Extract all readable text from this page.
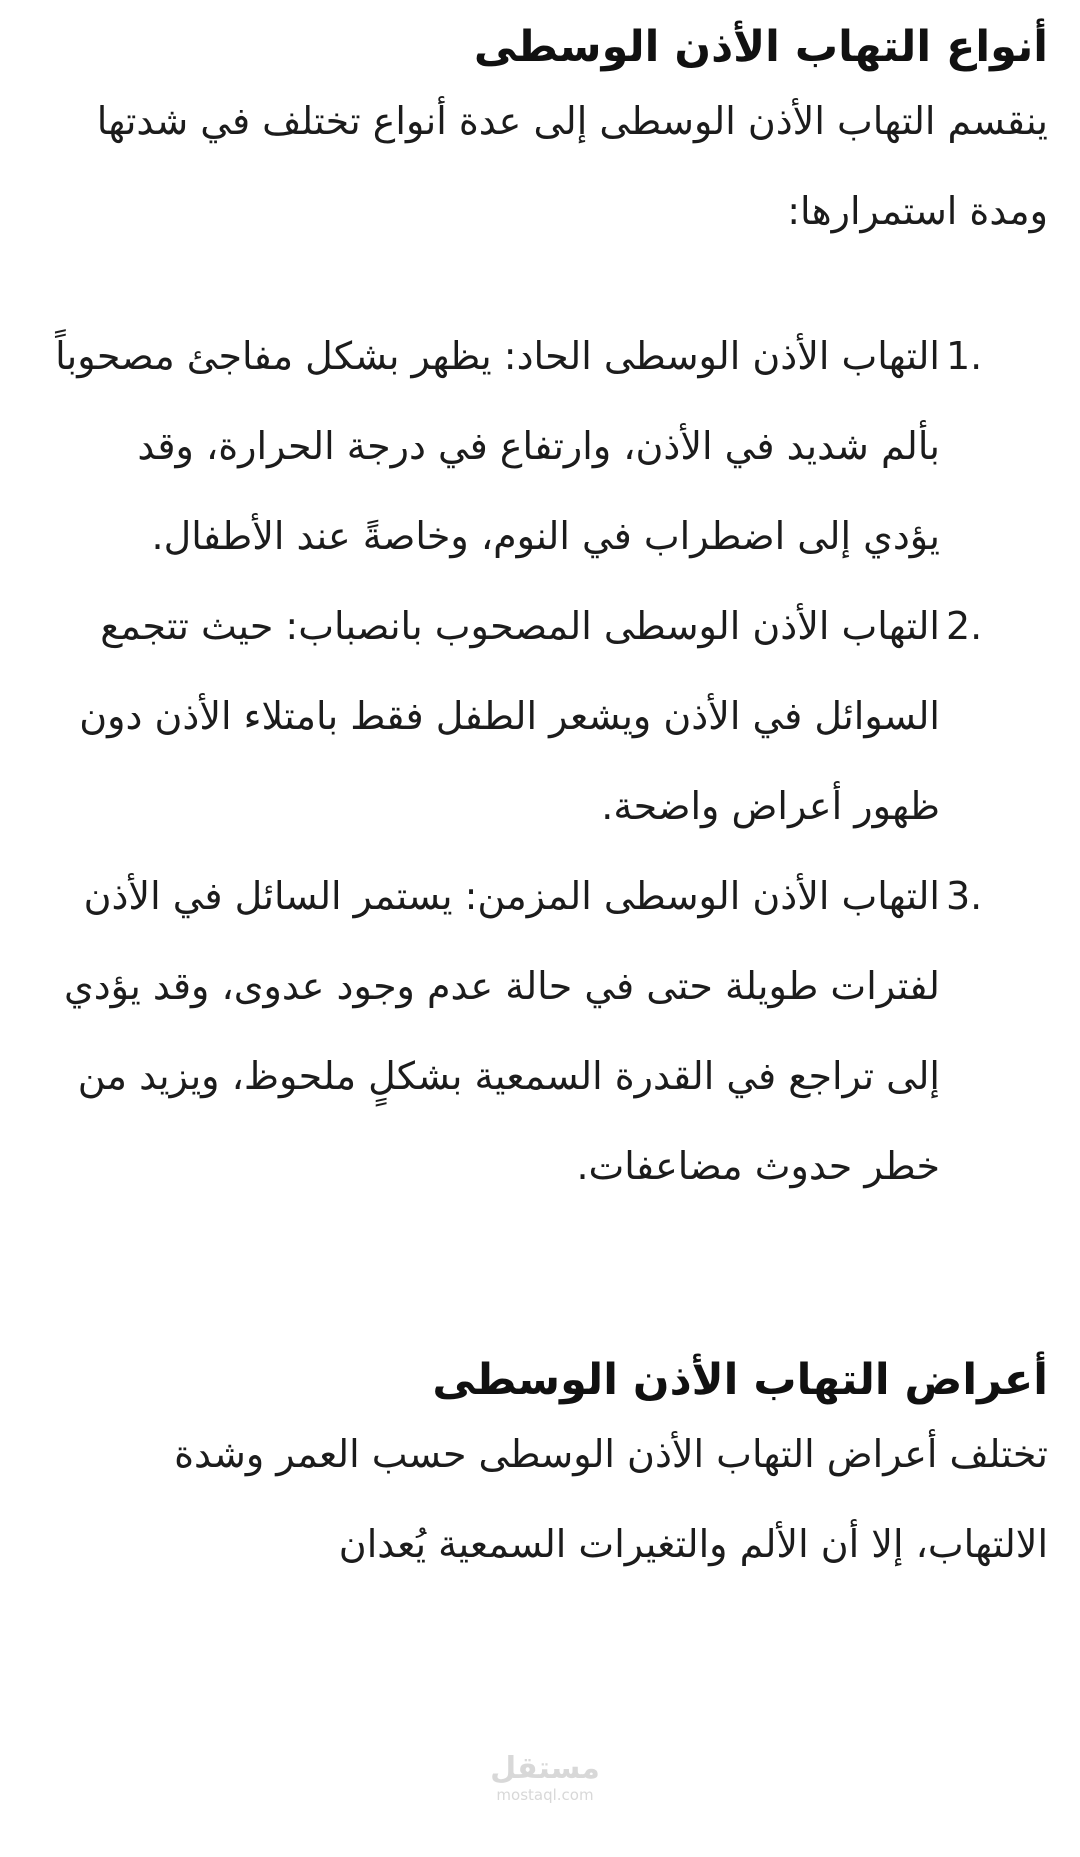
أنواع التهاب الأذن الوسطى

ينقسم التهاب الأذن الوسطى إلى عدة أنواع تختلف في شدتها ومدة استمرارها:

1.
التهاب الأذن الوسطى الحاد: يظهر بشكل مفاجئ مصحوباً بألم شديد في الأذن، وارتفاع في درجة الحرارة، وقد يؤدي إلى اضطراب في النوم، وخاصةً عند الأطفال.
2.
التهاب الأذن الوسطى المصحوب بانصباب: حيث تتجمع السوائل في الأذن ويشعر الطفل فقط بامتلاء الأذن دون ظهور أعراض واضحة.
3.
التهاب الأذن الوسطى المزمن: يستمر السائل في الأذن لفترات طويلة حتى في حالة عدم وجود عدوى، وقد يؤدي إلى تراجع في القدرة السمعية بشكلٍ ملحوظ، ويزيد من خطر حدوث مضاعفات.
أعراض التهاب الأذن الوسطى

تختلف أعراض التهاب الأذن الوسطى حسب العمر وشدة الالتهاب، إلا أن الألم والتغيرات السمعية يُعدان

مستقل
mostaql.com
